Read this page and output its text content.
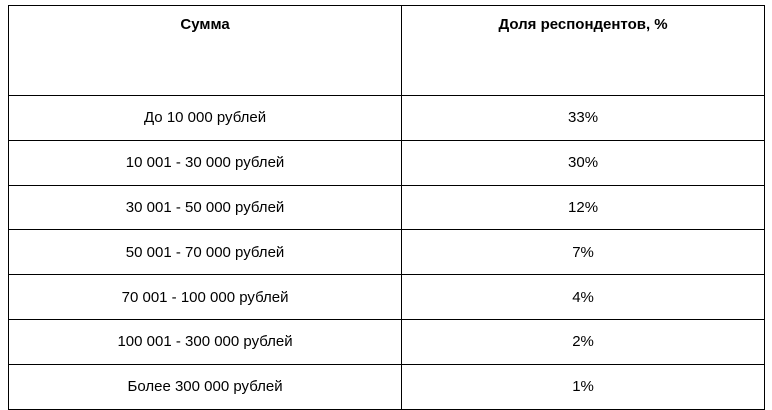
Сумма	Доля респондентов, %
До 10 000 рублей	33%
10 001 - 30 000 рублей	30%
30 001 - 50 000 рублей	12%
50 001 - 70 000 рублей	7%
70 001 - 100 000 рублей	4%
100 001 - 300 000 рублей	2%
Более 300 000 рублей	1%
